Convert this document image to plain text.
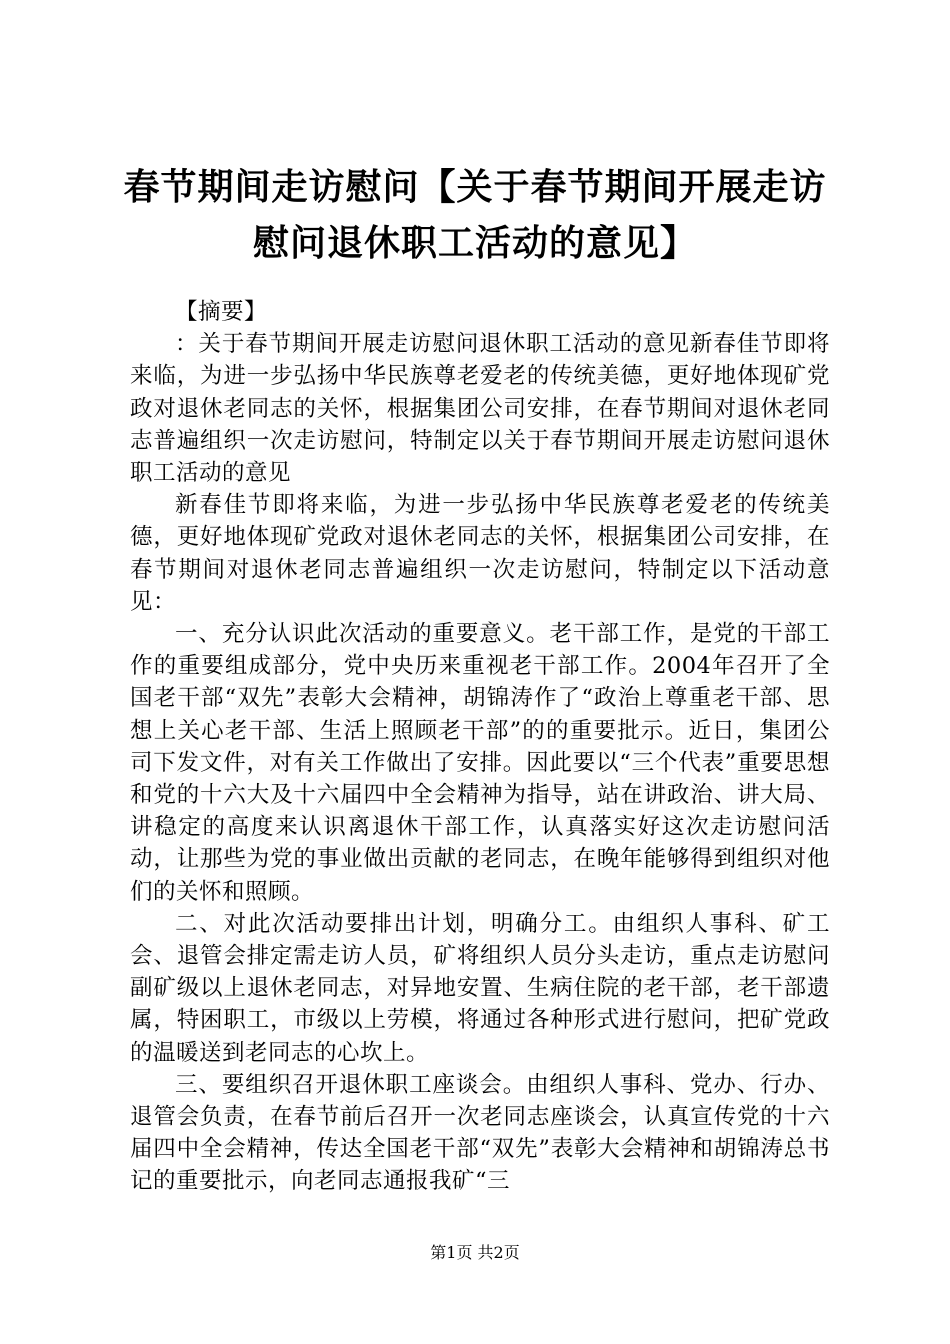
春节期间走访慰问【关于春节期间开展走访慰问退休职工活动的意见】

【摘要】

：关于春节期间开展走访慰问退休职工活动的意见新春佳节即将来临，为进一步弘扬中华民族尊老爱老的传统美德，更好地体现矿党政对退休老同志的关怀，根据集团公司安排，在春节期间对退休老同志普遍组织一次走访慰问，特制定以关于春节期间开展走访慰问退休职工活动的意见

新春佳节即将来临，为进一步弘扬中华民族尊老爱老的传统美德，更好地体现矿党政对退休老同志的关怀，根据集团公司安排，在春节期间对退休老同志普遍组织一次走访慰问，特制定以下活动意见：

一、充分认识此次活动的重要意义。老干部工作，是党的干部工作的重要组成部分，党中央历来重视老干部工作。2004年召开了全国老干部“双先”表彰大会精神，胡锦涛作了“政治上尊重老干部、思想上关心老干部、生活上照顾老干部”的的重要批示。近日，集团公司下发文件，对有关工作做出了安排。因此要以“三个代表”重要思想和党的十六大及十六届四中全会精神为指导，站在讲政治、讲大局、讲稳定的高度来认识离退休干部工作，认真落实好这次走访慰问活动，让那些为党的事业做出贡献的老同志，在晚年能够得到组织对他们的关怀和照顾。

二、对此次活动要排出计划，明确分工。由组织人事科、矿工会、退管会排定需走访人员，矿将组织人员分头走访，重点走访慰问副矿级以上退休老同志，对异地安置、生病住院的老干部，老干部遗属，特困职工，市级以上劳模，将通过各种形式进行慰问，把矿党政的温暖送到老同志的心坎上。

三、要组织召开退休职工座谈会。由组织人事科、党办、行办、退管会负责，在春节前后召开一次老同志座谈会，认真宣传党的十六届四中全会精神，传达全国老干部“双先”表彰大会精神和胡锦涛总书记的重要批示，向老同志通报我矿“三

第1页 共2页
